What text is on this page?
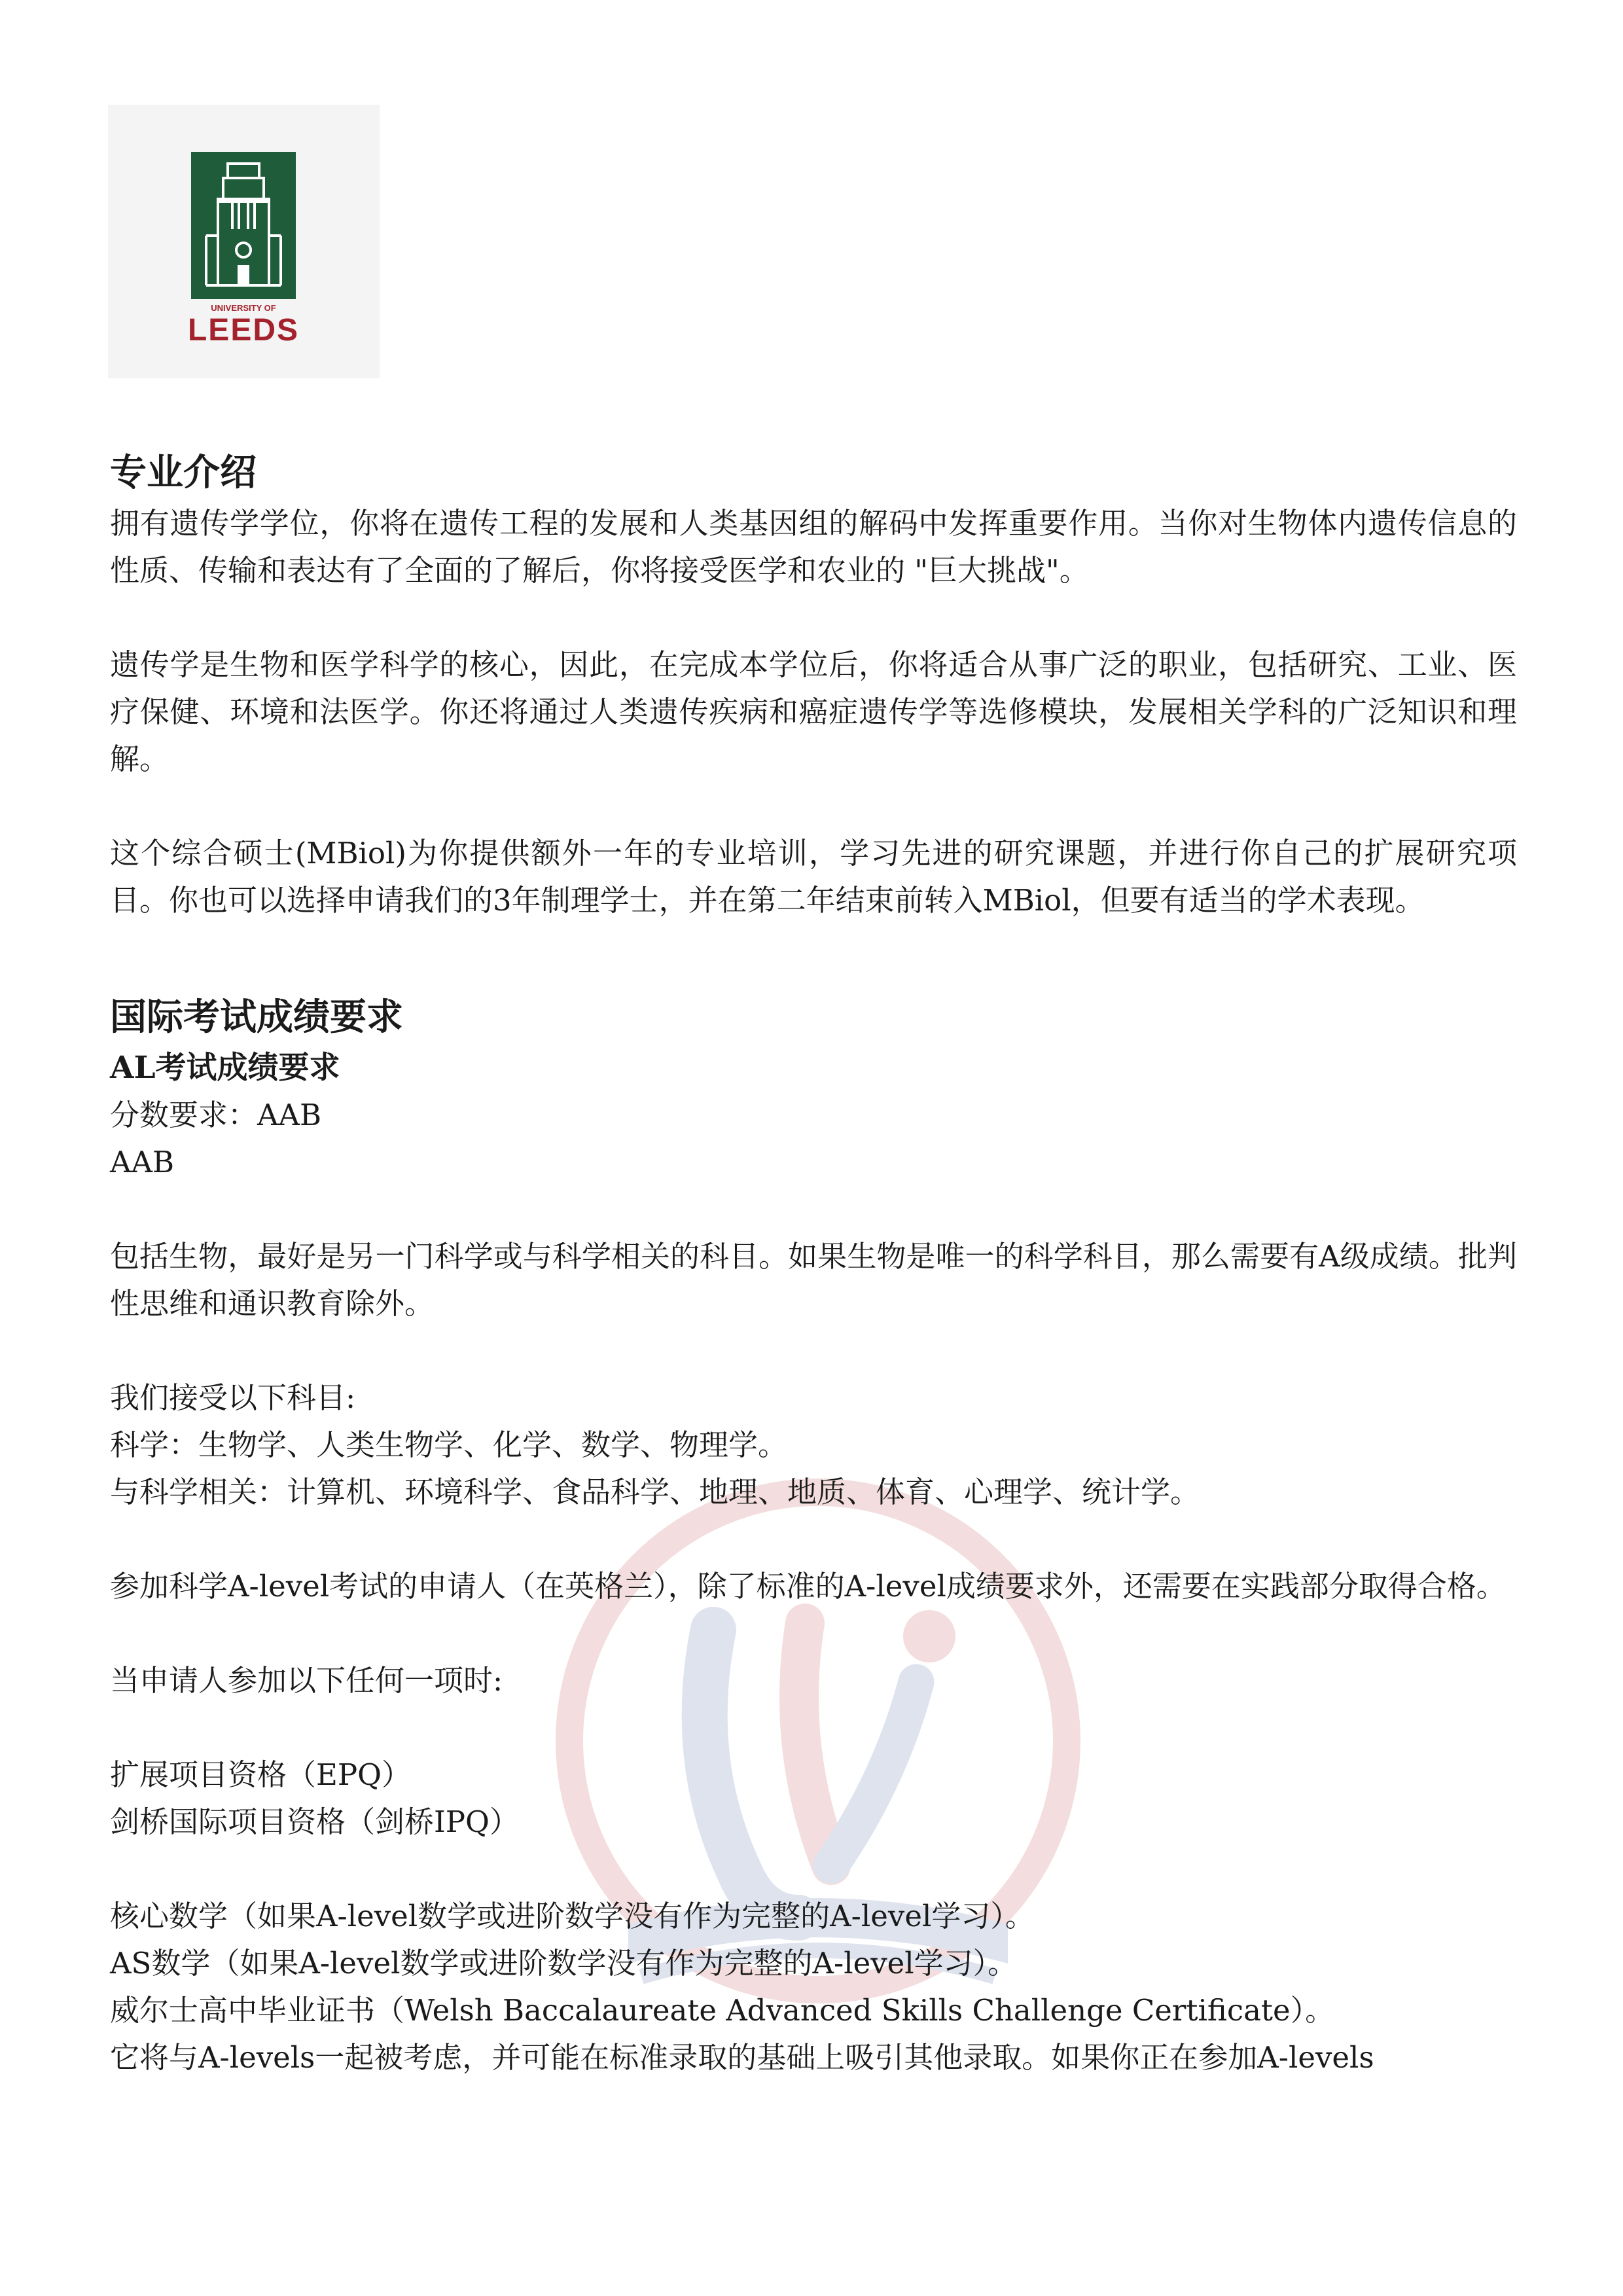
UNIVERSITY OF
LEEDS
专业介绍

拥有遗传学学位，你将在遗传工程的发展和人类基因组的解码中发挥重要作用。当你对生物体内遗传信息的性质、传输和表达有了全面的了解后，你将接受医学和农业的 "巨大挑战"。

遗传学是生物和医学科学的核心，因此，在完成本学位后，你将适合从事广泛的职业，包括研究、工业、医疗保健、环境和法医学。你还将通过人类遗传疾病和癌症遗传学等选修模块，发展相关学科的广泛知识和理解。

这个综合硕士(MBiol)为你提供额外一年的专业培训，学习先进的研究课题，并进行你自己的扩展研究项目。你也可以选择申请我们的3年制理学士，并在第二年结束前转入MBiol，但要有适当的学术表现。

国际考试成绩要求
AL考试成绩要求

分数要求：AAB

AAB

包括生物，最好是另一门科学或与科学相关的科目。如果生物是唯一的科学科目，那么需要有A级成绩。批判性思维和通识教育除外。

我们接受以下科目:

科学：生物学、人类生物学、化学、数学、物理学。

与科学相关：计算机、环境科学、食品科学、地理、地质、体育、心理学、统计学。

参加科学A-level考试的申请人（在英格兰），除了标准的A-level成绩要求外，还需要在实践部分取得合格。

当申请人参加以下任何一项时:

扩展项目资格（EPQ）

剑桥国际项目资格（剑桥IPQ）

核心数学（如果A-level数学或进阶数学没有作为完整的A-level学习）。

AS数学（如果A-level数学或进阶数学没有作为完整的A-level学习）。

威尔士高中毕业证书（Welsh Baccalaureate Advanced Skills Challenge Certificate）。

它将与A-levels一起被考虑，并可能在标准录取的基础上吸引其他录取。如果你正在参加A-levels
